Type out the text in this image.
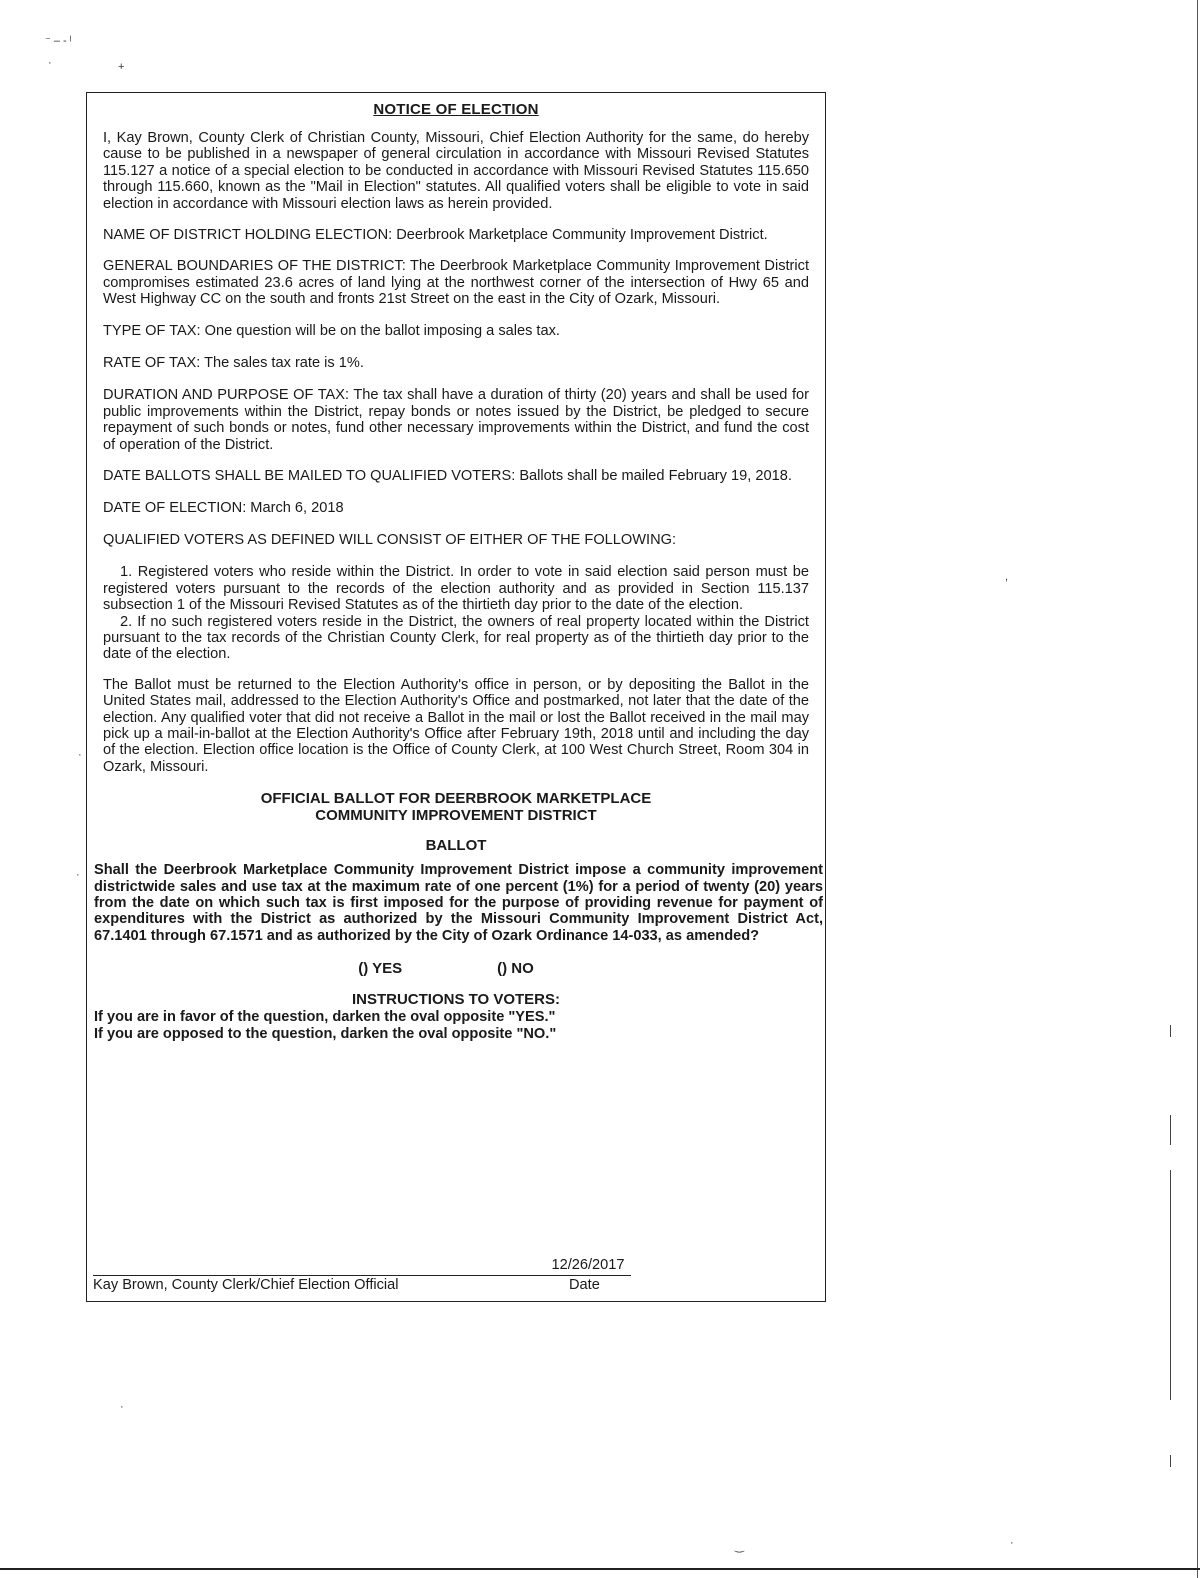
⁻ ‒ ‐ ˡ
·	+
,
·
·
·
·
‿
NOTICE OF ELECTION

I, Kay Brown, County Clerk of Christian County, Missouri, Chief Election Authority for the same, do hereby cause to be published in a newspaper of general circulation in accordance with Missouri Revised Statutes 115.127 a notice of a special election to be conducted in accordance with Missouri Revised Statutes 115.650 through 115.660, known as the "Mail in Election" statutes. All qualified voters shall be eligible to vote in said election in accordance with Missouri election laws as herein provided.

NAME OF DISTRICT HOLDING ELECTION: Deerbrook Marketplace Community Improvement District.

GENERAL BOUNDARIES OF THE DISTRICT: The Deerbrook Marketplace Community Improvement District compromises estimated 23.6 acres of land lying at the northwest corner of the intersection of Hwy 65 and West Highway CC on the south and fronts 21st Street on the east in the City of Ozark, Missouri.

TYPE OF TAX: One question will be on the ballot imposing a sales tax.

RATE OF TAX: The sales tax rate is 1%.

DURATION AND PURPOSE OF TAX: The tax shall have a duration of thirty (20) years and shall be used for public improvements within the District, repay bonds or notes issued by the District, be pledged to secure repayment of such bonds or notes, fund other necessary improvements within the District, and fund the cost of operation of the District.

DATE BALLOTS SHALL BE MAILED TO QUALIFIED VOTERS: Ballots shall be mailed February 19, 2018.

DATE OF ELECTION: March 6, 2018

QUALIFIED VOTERS AS DEFINED WILL CONSIST OF EITHER OF THE FOLLOWING:

1. Registered voters who reside within the District. In order to vote in said election said person must be registered voters pursuant to the records of the election authority and as provided in Section 115.137 subsection 1 of the Missouri Revised Statutes as of the thirtieth day prior to the date of the election.

2. If no such registered voters reside in the District, the owners of real property located within the District pursuant to the tax records of the Christian County Clerk, for real property as of the thirtieth day prior to the date of the election.

The Ballot must be returned to the Election Authority's office in person, or by depositing the Ballot in the United States mail, addressed to the Election Authority's Office and postmarked, not later that the date of the election. Any qualified voter that did not receive a Ballot in the mail or lost the Ballot received in the mail may pick up a mail-in-ballot at the Election Authority's Office after February 19th, 2018 until and including the day of the election. Election office location is the Office of County Clerk, at 100 West Church Street, Room 304 in Ozark, Missouri.

OFFICIAL BALLOT FOR DEERBROOK MARKETPLACE
COMMUNITY IMPROVEMENT DISTRICT
BALLOT

Shall the Deerbrook Marketplace Community Improvement District impose a community improvement districtwide sales and use tax at the maximum rate of one percent (1%) for a period of twenty (20) years from the date on which such tax is first imposed for the purpose of providing revenue for payment of expenditures with the District as authorized by the Missouri Community Improvement District Act, 67.1401 through 67.1571 and as authorized by the City of Ozark Ordinance 14-033, as amended?

() YES	() NO
INSTRUCTIONS TO VOTERS:
If you are in favor of the question, darken the oval opposite "YES."
If you are opposed to the question, darken the oval opposite "NO."
12/26/2017
Kay Brown, County Clerk/Chief Election Official	Date
